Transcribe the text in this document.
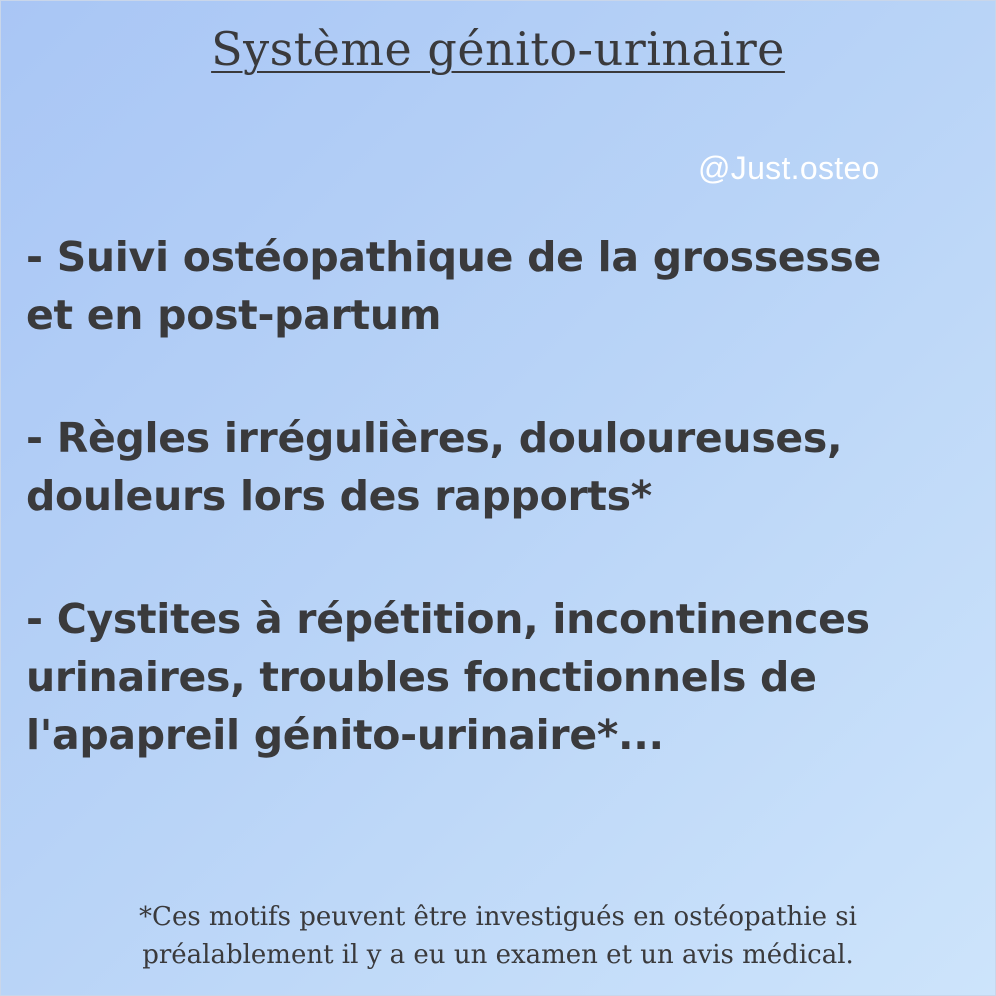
Système génito-urinaire
@Just.osteo

- Suivi ostéopathique de la grossesse
et en post-partum

- Règles irrégulières, douloureuses,
douleurs lors des rapports*

- Cystites à répétition, incontinences
urinaires, troubles fonctionnels de
l'apapreil génito-urinaire*...

*Ces motifs peuvent être investigués en ostéopathie si
préalablement il y a eu un examen et un avis médical.
